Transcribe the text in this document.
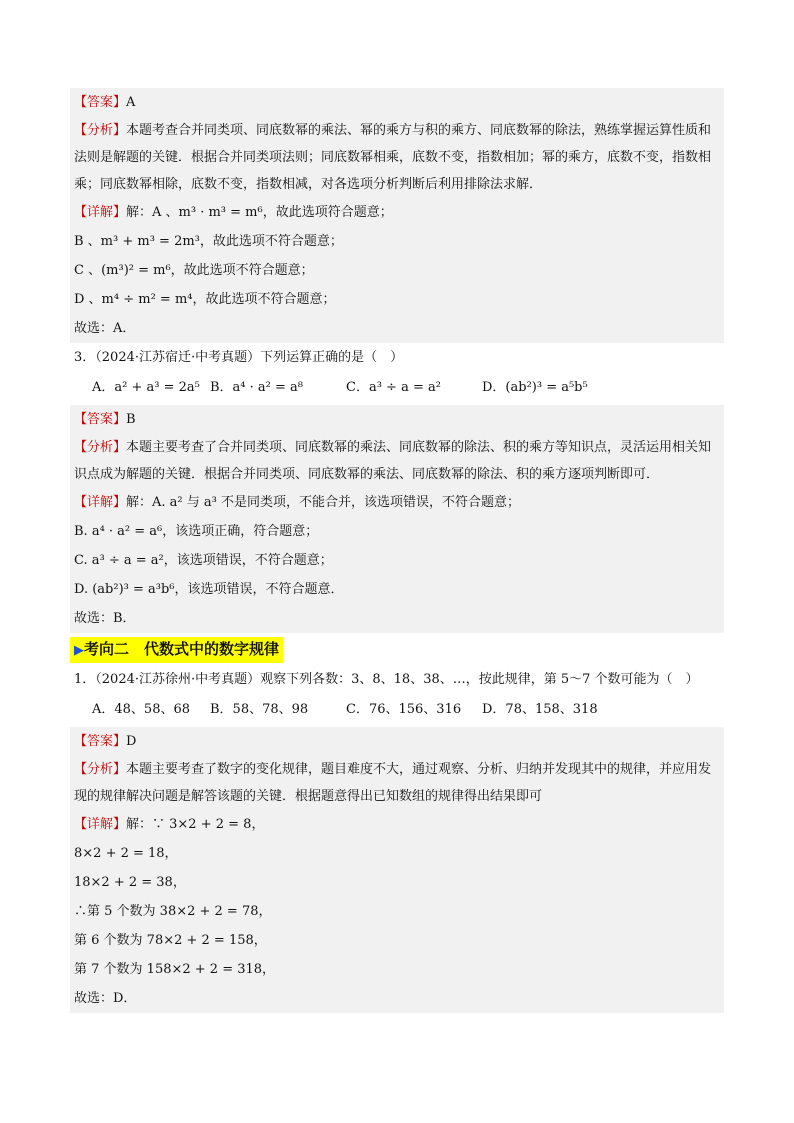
【答案】A
【分析】本题考查合并同类项、同底数幂的乘法、幂的乘方与积的乘方、同底数幂的除法，熟练掌握运算性质和法则是解题的关键．根据合并同类项法则；同底数幂相乘，底数不变，指数相加；幂的乘方，底数不变，指数相乘；同底数幂相除，底数不变，指数相减，对各选项分析判断后利用排除法求解．
【详解】解：A 、m³ · m³ = m⁶，故此选项符合题意；
B 、m³ + m³ = 2m³，故此选项不符合题意；
C 、(m³)² = m⁶，故此选项不符合题意；
D 、m⁴ ÷ m² = m⁴，故此选项不符合题意；
故选：A．
3．（2024·江苏宿迁·中考真题）下列运算正确的是（　）
A．a² + a³ = 2a⁵ B．a⁴ · a² = a⁸	C．a³ ÷ a = a²	D．(ab²)³ = a⁵b⁵
【答案】B
【分析】本题主要考查了合并同类项、同底数幂的乘法、同底数幂的除法、积的乘方等知识点，灵活运用相关知识点成为解题的关键．根据合并同类项、同底数幂的乘法、同底数幂的除法、积的乘方逐项判断即可．
【详解】解：A. a² 与 a³ 不是同类项，不能合并，该选项错误，不符合题意；
B. a⁴ · a² = a⁶，该选项正确，符合题意；
C. a³ ÷ a = a²，该选项错误，不符合题意；
D. (ab²)³ = a³b⁶，该选项错误，不符合题意．
故选：B．
▶考向二　代数式中的数字规律
1．（2024·江苏徐州·中考真题）观察下列各数：3、8、18、38、…，按此规律，第 5〜7 个数可能为（　）
A．48、58、68	B．58、78、98	C．76、156、316	D．78、158、318
【答案】D
【分析】本题主要考查了数字的变化规律，题目难度不大，通过观察、分析、归纳并发现其中的规律，并应用发现的规律解决问题是解答该题的关键．根据题意得出已知数组的规律得出结果即可
【详解】解：∵ 3×2 + 2 = 8，
8×2 + 2 = 18，
18×2 + 2 = 38，
∴第 5 个数为 38×2 + 2 = 78，
第 6 个数为 78×2 + 2 = 158，
第 7 个数为 158×2 + 2 = 318，
故选：D．
